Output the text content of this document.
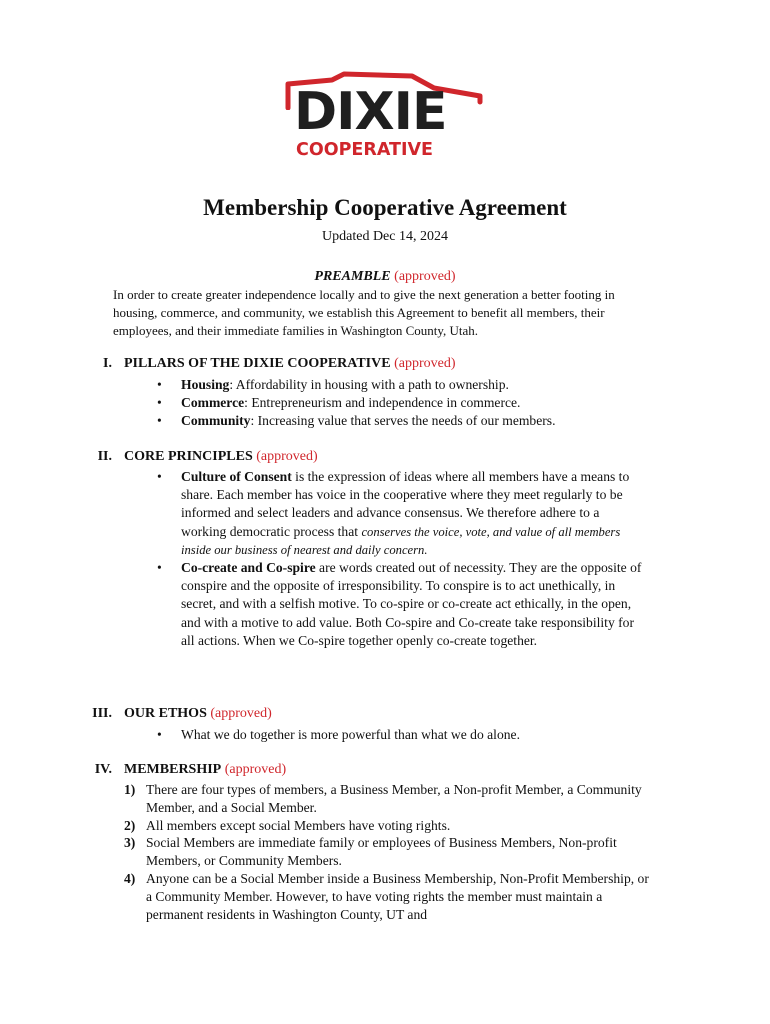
DIXIE
COOPERATIVE
Membership Cooperative Agreement
Updated Dec 14, 2024
PREAMBLE (approved)
In order to create greater independence locally and to give the next generation a better footing in housing, commerce, and community, we establish this Agreement to benefit all members, their employees, and their immediate families in Washington County, Utah.
I. PILLARS OF THE DIXIE COOPERATIVE (approved)
• Housing: Affordability in housing with a path to ownership.
• Commerce: Entrepreneurism and independence in commerce.
• Community: Increasing value that serves the needs of our members.
II. CORE PRINCIPLES (approved)
• Culture of Consent is the expression of ideas where all members have a means to share. Each member has voice in the cooperative where they meet regularly to be informed and select leaders and advance consensus. We therefore adhere to a working democratic process that conserves the voice, vote, and value of all members inside our business of nearest and daily concern.
• Co-create and Co-spire are words created out of necessity. They are the opposite of conspire and the opposite of irresponsibility. To conspire is to act unethically, in secret, and with a selfish motive. To co-spire or co-create act ethically, in the open, and with a motive to add value. Both Co-spire and Co-create take responsibility for all actions. When we Co-spire together openly co-create together.
III. OUR ETHOS (approved)
• What we do together is more powerful than what we do alone.
IV. MEMBERSHIP (approved)
1) There are four types of members, a Business Member, a Non-profit Member, a Community Member, and a Social Member.
2) All members except social Members have voting rights.
3) Social Members are immediate family or employees of Business Members, Non-profit Members, or Community Members.
4) Anyone can be a Social Member inside a Business Membership, Non-Profit Membership, or a Community Member. However, to have voting rights the member must maintain a permanent residents in Washington County, UT and
